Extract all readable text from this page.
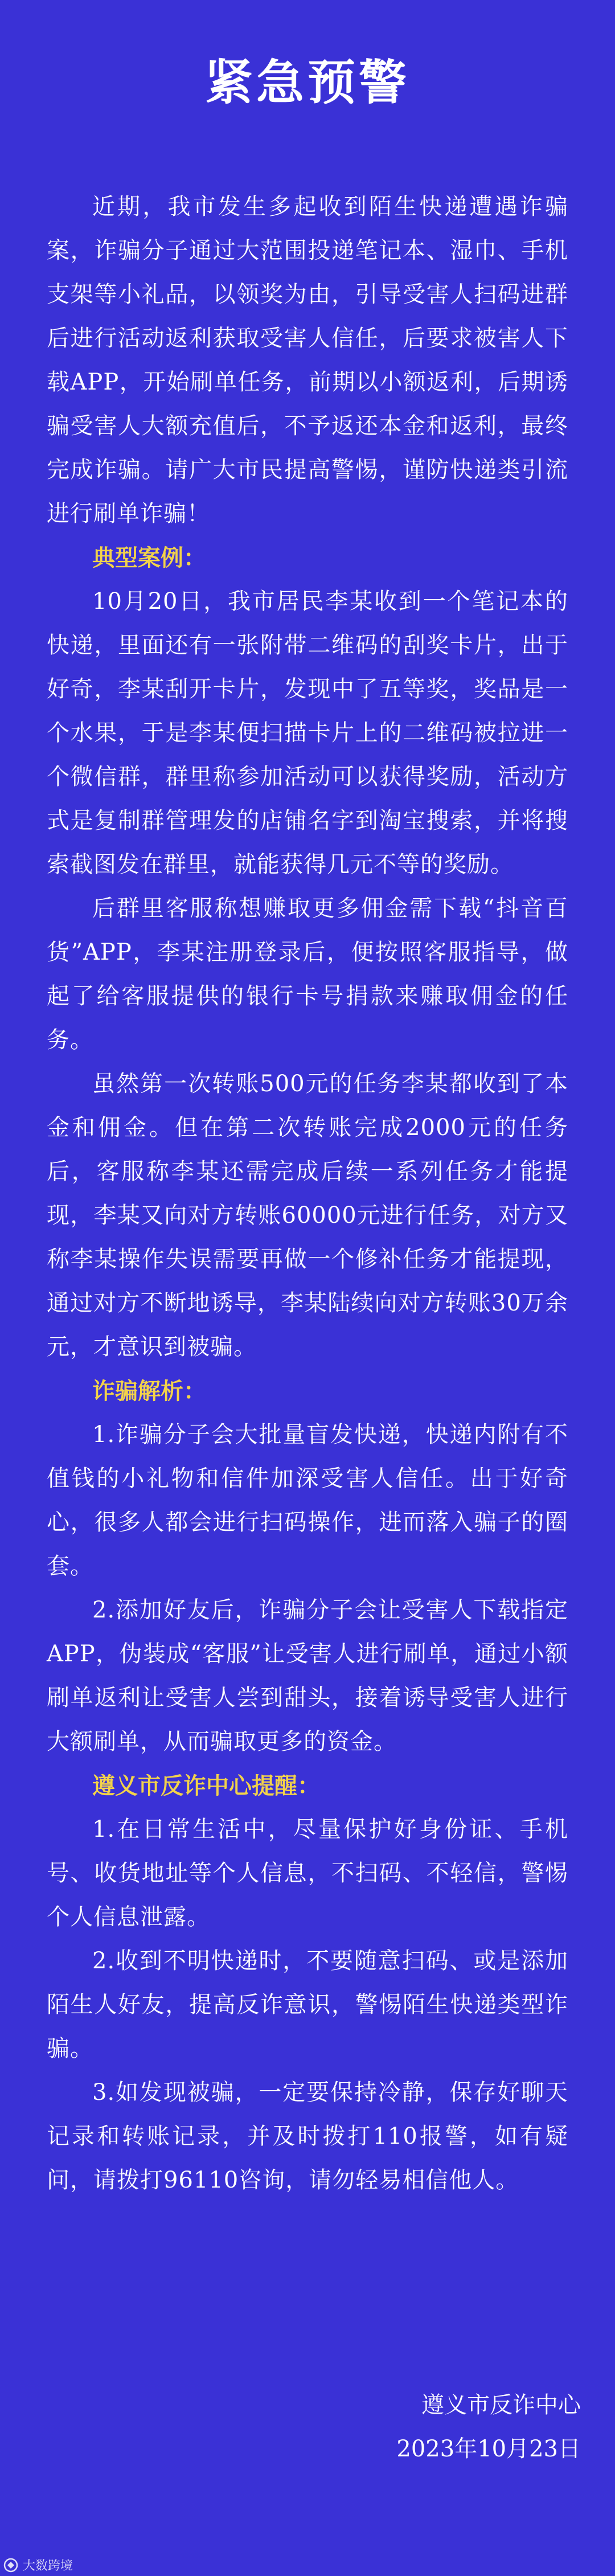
紧急预警

近期，我市发生多起收到陌生快递遭遇诈骗案，诈骗分子通过大范围投递笔记本、湿巾、手机支架等小礼品，以领奖为由，引导受害人扫码进群后进行活动返利获取受害人信任，后要求被害人下载APP，开始刷单任务，前期以小额返利，后期诱骗受害人大额充值后，不予返还本金和返利，最终完成诈骗。请广大市民提高警惕，谨防快递类引流进行刷单诈骗！

典型案例：

10月20日，我市居民李某收到一个笔记本的快递，里面还有一张附带二维码的刮奖卡片，出于好奇，李某刮开卡片，发现中了五等奖，奖品是一个水果，于是李某便扫描卡片上的二维码被拉进一个微信群，群里称参加活动可以获得奖励，活动方式是复制群管理发的店铺名字到淘宝搜索，并将搜索截图发在群里，就能获得几元不等的奖励。

后群里客服称想赚取更多佣金需下载“抖音百货”APP，李某注册登录后，便按照客服指导，做起了给客服提供的银行卡号捐款来赚取佣金的任务。

虽然第一次转账500元的任务李某都收到了本金和佣金。但在第二次转账完成2000元的任务后，客服称李某还需完成后续一系列任务才能提现，李某又向对方转账60000元进行任务，对方又称李某操作失误需要再做一个修补任务才能提现，通过对方不断地诱导，李某陆续向对方转账30万余元，才意识到被骗。

诈骗解析：

1.诈骗分子会大批量盲发快递，快递内附有不值钱的小礼物和信件加深受害人信任。出于好奇心，很多人都会进行扫码操作，进而落入骗子的圈套。

2.添加好友后，诈骗分子会让受害人下载指定APP，伪装成“客服”让受害人进行刷单，通过小额刷单返利让受害人尝到甜头，接着诱导受害人进行大额刷单，从而骗取更多的资金。

遵义市反诈中心提醒：

1.在日常生活中，尽量保护好身份证、手机号、收货地址等个人信息，不扫码、不轻信，警惕个人信息泄露。

2.收到不明快递时，不要随意扫码、或是添加陌生人好友，提高反诈意识，警惕陌生快递类型诈骗。

3.如发现被骗，一定要保持冷静，保存好聊天记录和转账记录，并及时拨打110报警，如有疑问，请拨打96110咨询，请勿轻易相信他人。

遵义市反诈中心
2023年10月23日
大数跨境
